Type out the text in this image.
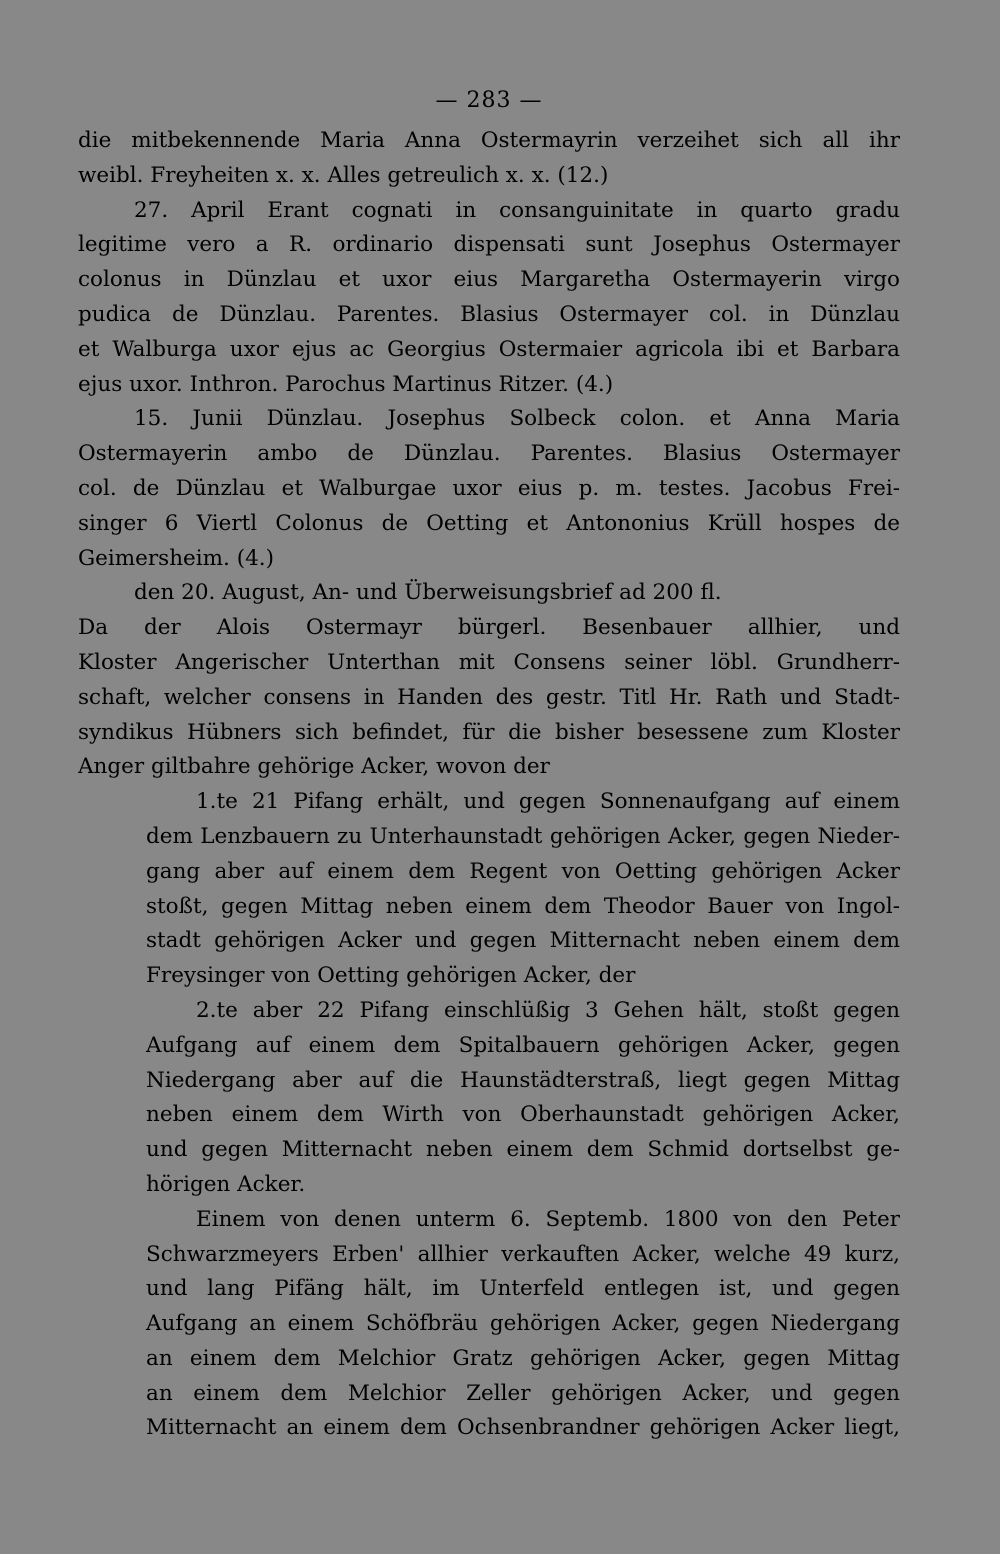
— 283 —
die mitbekennende Maria Anna Ostermayrin verzeihet sich all ihr
weibl. Freyheiten x. x. Alles getreulich x. x. (12.)
27. April Erant cognati in consanguinitate in quarto gradu
legitime vero a R. ordinario dispensati sunt Josephus Ostermayer
colonus in Dünzlau et uxor eius Margaretha Ostermayerin virgo
pudica de Dünzlau. Parentes. Blasius Ostermayer col. in Dünzlau
et Walburga uxor ejus ac Georgius Ostermaier agricola ibi et Barbara
ejus uxor. Inthron. Parochus Martinus Ritzer. (4.)
15. Junii Dünzlau. Josephus Solbeck colon. et Anna Maria
Ostermayerin ambo de Dünzlau. Parentes. Blasius Ostermayer
col. de Dünzlau et Walburgae uxor eius p. m. testes. Jacobus Frei-
singer 6 Viertl Colonus de Oetting et Antononius Krüll hospes de
Geimersheim. (4.)
den 20. August, An- und Überweisungsbrief ad 200 fl.
Da der Alois Ostermayr bürgerl. Besenbauer allhier, und
Kloster Angerischer Unterthan mit Consens seiner löbl. Grundherr-
schaft, welcher consens in Handen des gestr. Titl Hr. Rath und Stadt-
syndikus Hübners sich befindet, für die bisher besessene zum Kloster
Anger giltbahre gehörige Acker, wovon der
1.te 21 Pifang erhält, und gegen Sonnenaufgang auf einem
dem Lenzbauern zu Unterhaunstadt gehörigen Acker, gegen Nieder-
gang aber auf einem dem Regent von Oetting gehörigen Acker
stoßt, gegen Mittag neben einem dem Theodor Bauer von Ingol-
stadt gehörigen Acker und gegen Mitternacht neben einem dem
Freysinger von Oetting gehörigen Acker, der
2.te aber 22 Pifang einschlüßig 3 Gehen hält, stoßt gegen
Aufgang auf einem dem Spitalbauern gehörigen Acker, gegen
Niedergang aber auf die Haunstädterstraß, liegt gegen Mittag
neben einem dem Wirth von Oberhaunstadt gehörigen Acker,
und gegen Mitternacht neben einem dem Schmid dortselbst ge-
hörigen Acker.
Einem von denen unterm 6. Septemb. 1800 von den Peter
Schwarzmeyers Erben' allhier verkauften Acker, welche 49 kurz,
und lang Pifäng hält, im Unterfeld entlegen ist, und gegen
Aufgang an einem Schöfbräu gehörigen Acker, gegen Niedergang
an einem dem Melchior Gratz gehörigen Acker, gegen Mittag
an einem dem Melchior Zeller gehörigen Acker, und gegen
Mitternacht an einem dem Ochsenbrandner gehörigen Acker liegt,
